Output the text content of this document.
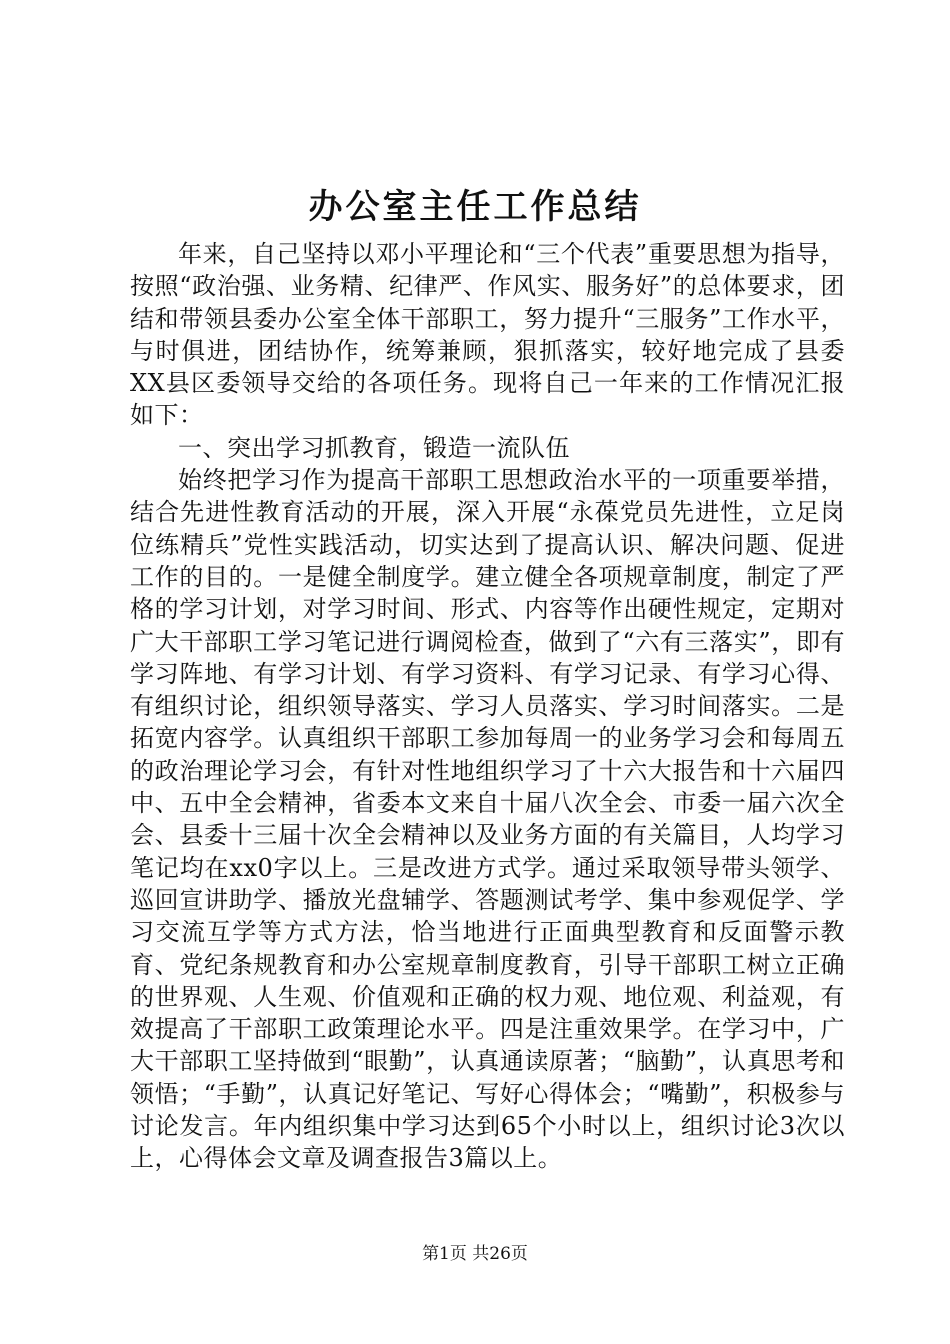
办公室主任工作总结

年来，自己坚持以邓小平理论和“三个代表”重要思想为指导，按照“政治强、业务精、纪律严、作风实、服务好”的总体要求，团结和带领县委办公室全体干部职工，努力提升“三服务”工作水平，与时俱进，团结协作，统筹兼顾，狠抓落实，较好地完成了县委XX县区委领导交给的各项任务。现将自己一年来的工作情况汇报如下：

一、突出学习抓教育，锻造一流队伍

始终把学习作为提高干部职工思想政治水平的一项重要举措，结合先进性教育活动的开展，深入开展“永葆党员先进性，立足岗位练精兵”党性实践活动，切实达到了提高认识、解决问题、促进工作的目的。一是健全制度学。建立健全各项规章制度，制定了严格的学习计划，对学习时间、形式、内容等作出硬性规定，定期对广大干部职工学习笔记进行调阅检查，做到了“六有三落实”，即有学习阵地、有学习计划、有学习资料、有学习记录、有学习心得、有组织讨论，组织领导落实、学习人员落实、学习时间落实。二是拓宽内容学。认真组织干部职工参加每周一的业务学习会和每周五的政治理论学习会，有针对性地组织学习了十六大报告和十六届四中、五中全会精神，省委本文来自十届八次全会、市委一届六次全会、县委十三届十次全会精神以及业务方面的有关篇目，人均学习笔记均在xx0字以上。三是改进方式学。通过采取领导带头领学、巡回宣讲助学、播放光盘辅学、答题测试考学、集中参观促学、学习交流互学等方式方法，恰当地进行正面典型教育和反面警示教育、党纪条规教育和办公室规章制度教育，引导干部职工树立正确的世界观、人生观、价值观和正确的权力观、地位观、利益观，有效提高了干部职工政策理论水平。四是注重效果学。在学习中，广大干部职工坚持做到“眼勤”，认真通读原著；“脑勤”，认真思考和领悟；“手勤”，认真记好笔记、写好心得体会；“嘴勤”，积极参与讨论发言。年内组织集中学习达到65个小时以上，组织讨论3次以上，心得体会文章及调查报告3篇以上。

第1页 共26页
